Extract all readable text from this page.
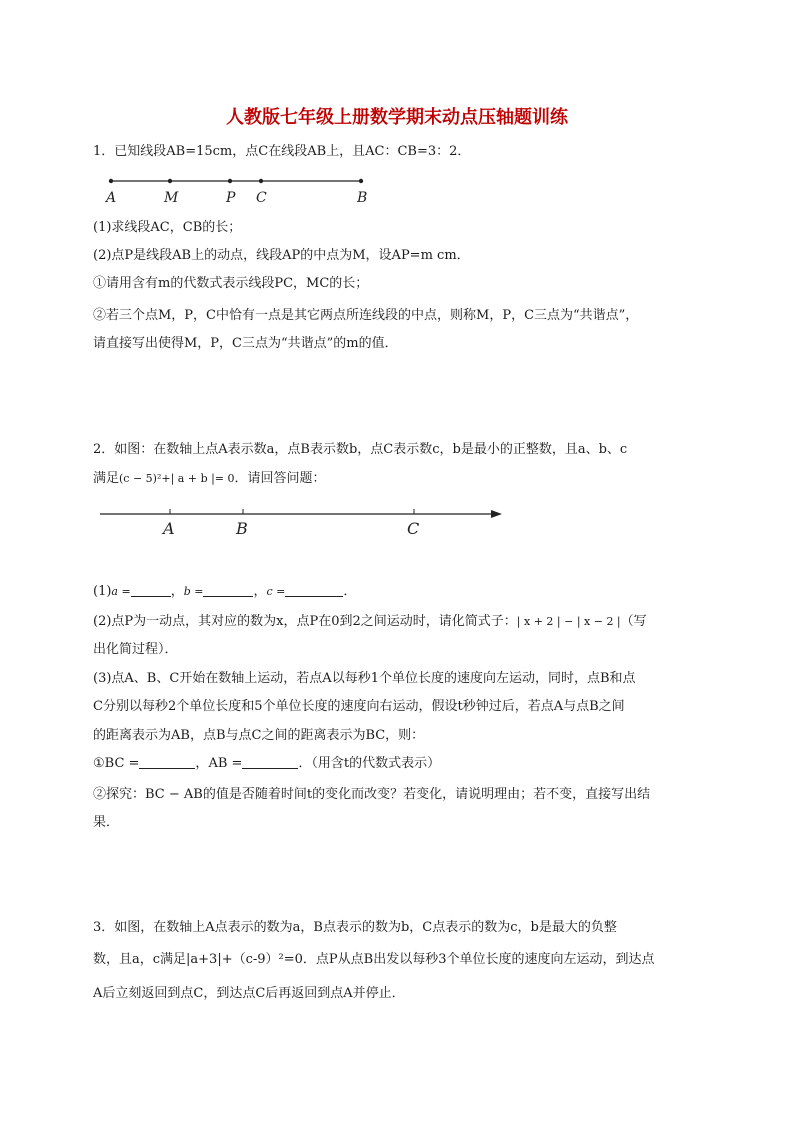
人教版七年级上册数学期末动点压轴题训练
1．已知线段AB=15cm，点C在线段AB上，且AC：CB=3：2．
A	M	P C	B
(1)求线段AC，CB的长；
(2)点P是线段AB上的动点，线段AP的中点为M，设AP=m cm．
①请用含有m的代数式表示线段PC，MC的长；
②若三个点M，P，C中恰有一点是其它两点所连线段的中点，则称M，P，C三点为“共谐点”，
请直接写出使得M，P，C三点为“共谐点”的m的值．
2．如图：在数轴上点A表示数a，点B表示数b，点C表示数c，b是最小的正整数，且a、b、c
满足(c − 5)²+| a + b |= 0．请回答问题：
A	B	C
(1)a =	，b =	，c =	．
(2)点P为一动点，其对应的数为x，点P在0到2之间运动时，请化简式子：| x + 2 | − | x − 2 |（写
出化简过程）．
(3)点A、B、C开始在数轴上运动，若点A以每秒1个单位长度的速度向左运动，同时，点B和点
C分别以每秒2个单位长度和5个单位长度的速度向右运动，假设t秒钟过后，若点A与点B之间
的距离表示为AB，点B与点C之间的距离表示为BC，则：
①BC =	，AB =	．（用含t的代数式表示）
②探究：BC − AB的值是否随着时间t的变化而改变？若变化，请说明理由；若不变，直接写出结
果．
3．如图，在数轴上A点表示的数为a，B点表示的数为b，C点表示的数为c，b是最大的负整
数，且a，c满足|a+3|+（c-9）²=0．点P从点B出发以每秒3个单位长度的速度向左运动，到达点
A后立刻返回到点C，到达点C后再返回到点A并停止．
